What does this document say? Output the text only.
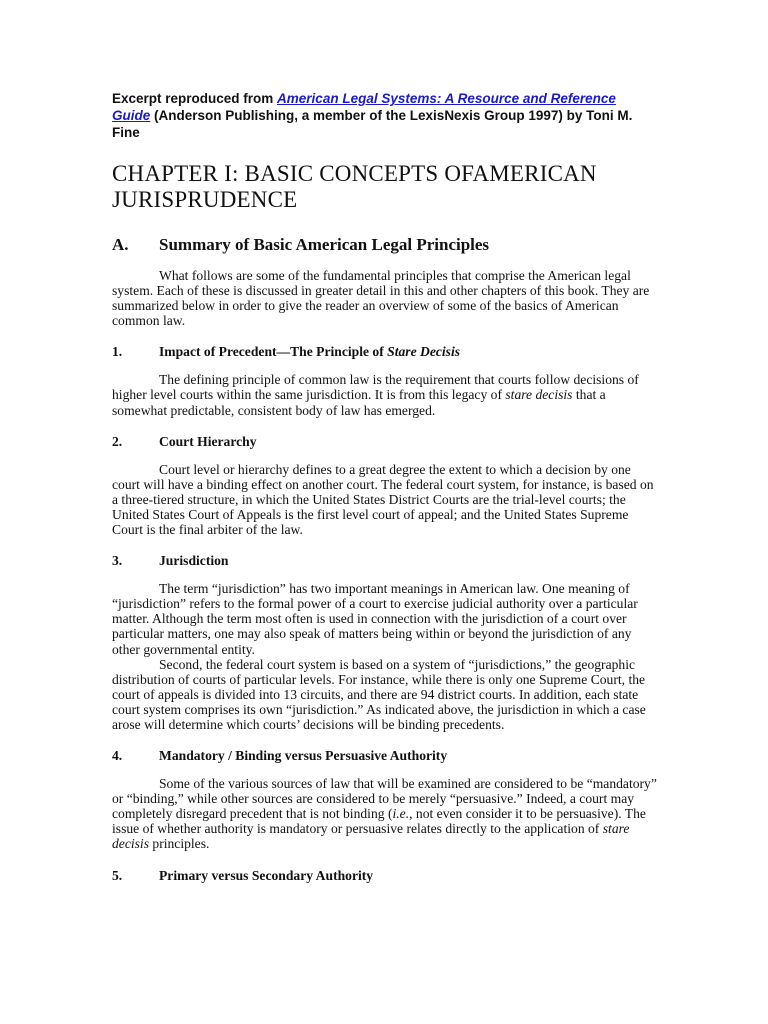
Excerpt reproduced from American Legal Systems: A Resource and Reference Guide (Anderson Publishing, a member of the LexisNexis Group 1997) by Toni M. Fine

CHAPTER I: BASIC CONCEPTS OFAMERICAN JURISPRUDENCE
A.	Summary of Basic American Legal Principles

What follows are some of the fundamental principles that comprise the American legal system. Each of these is discussed in greater detail in this and other chapters of this book. They are summarized below in order to give the reader an overview of some of the basics of American common law.

1.	Impact of Precedent—The Principle of Stare Decisis

The defining principle of common law is the requirement that courts follow decisions of higher level courts within the same jurisdiction. It is from this legacy of stare decisis that a somewhat predictable, consistent body of law has emerged.

2.	Court Hierarchy

Court level or hierarchy defines to a great degree the extent to which a decision by one court will have a binding effect on another court. The federal court system, for instance, is based on a three-tiered structure, in which the United States District Courts are the trial-level courts; the United States Court of Appeals is the first level court of appeal; and the United States Supreme Court is the final arbiter of the law.

3.	Jurisdiction

The term “jurisdiction” has two important meanings in American law. One meaning of “jurisdiction” refers to the formal power of a court to exercise judicial authority over a particular matter. Although the term most often is used in connection with the jurisdiction of a court over particular matters, one may also speak of matters being within or beyond the jurisdiction of any other governmental entity.

Second, the federal court system is based on a system of “jurisdictions,” the geographic distribution of courts of particular levels. For instance, while there is only one Supreme Court, the court of appeals is divided into 13 circuits, and there are 94 district courts. In addition, each state court system comprises its own “jurisdiction.” As indicated above, the jurisdiction in which a case arose will determine which courts’ decisions will be binding precedents.

4.	Mandatory / Binding versus Persuasive Authority

Some of the various sources of law that will be examined are considered to be “mandatory” or “binding,” while other sources are considered to be merely “persuasive.” Indeed, a court may completely disregard precedent that is not binding (i.e., not even consider it to be persuasive). The issue of whether authority is mandatory or persuasive relates directly to the application of stare decisis principles.

5.	Primary versus Secondary Authority
